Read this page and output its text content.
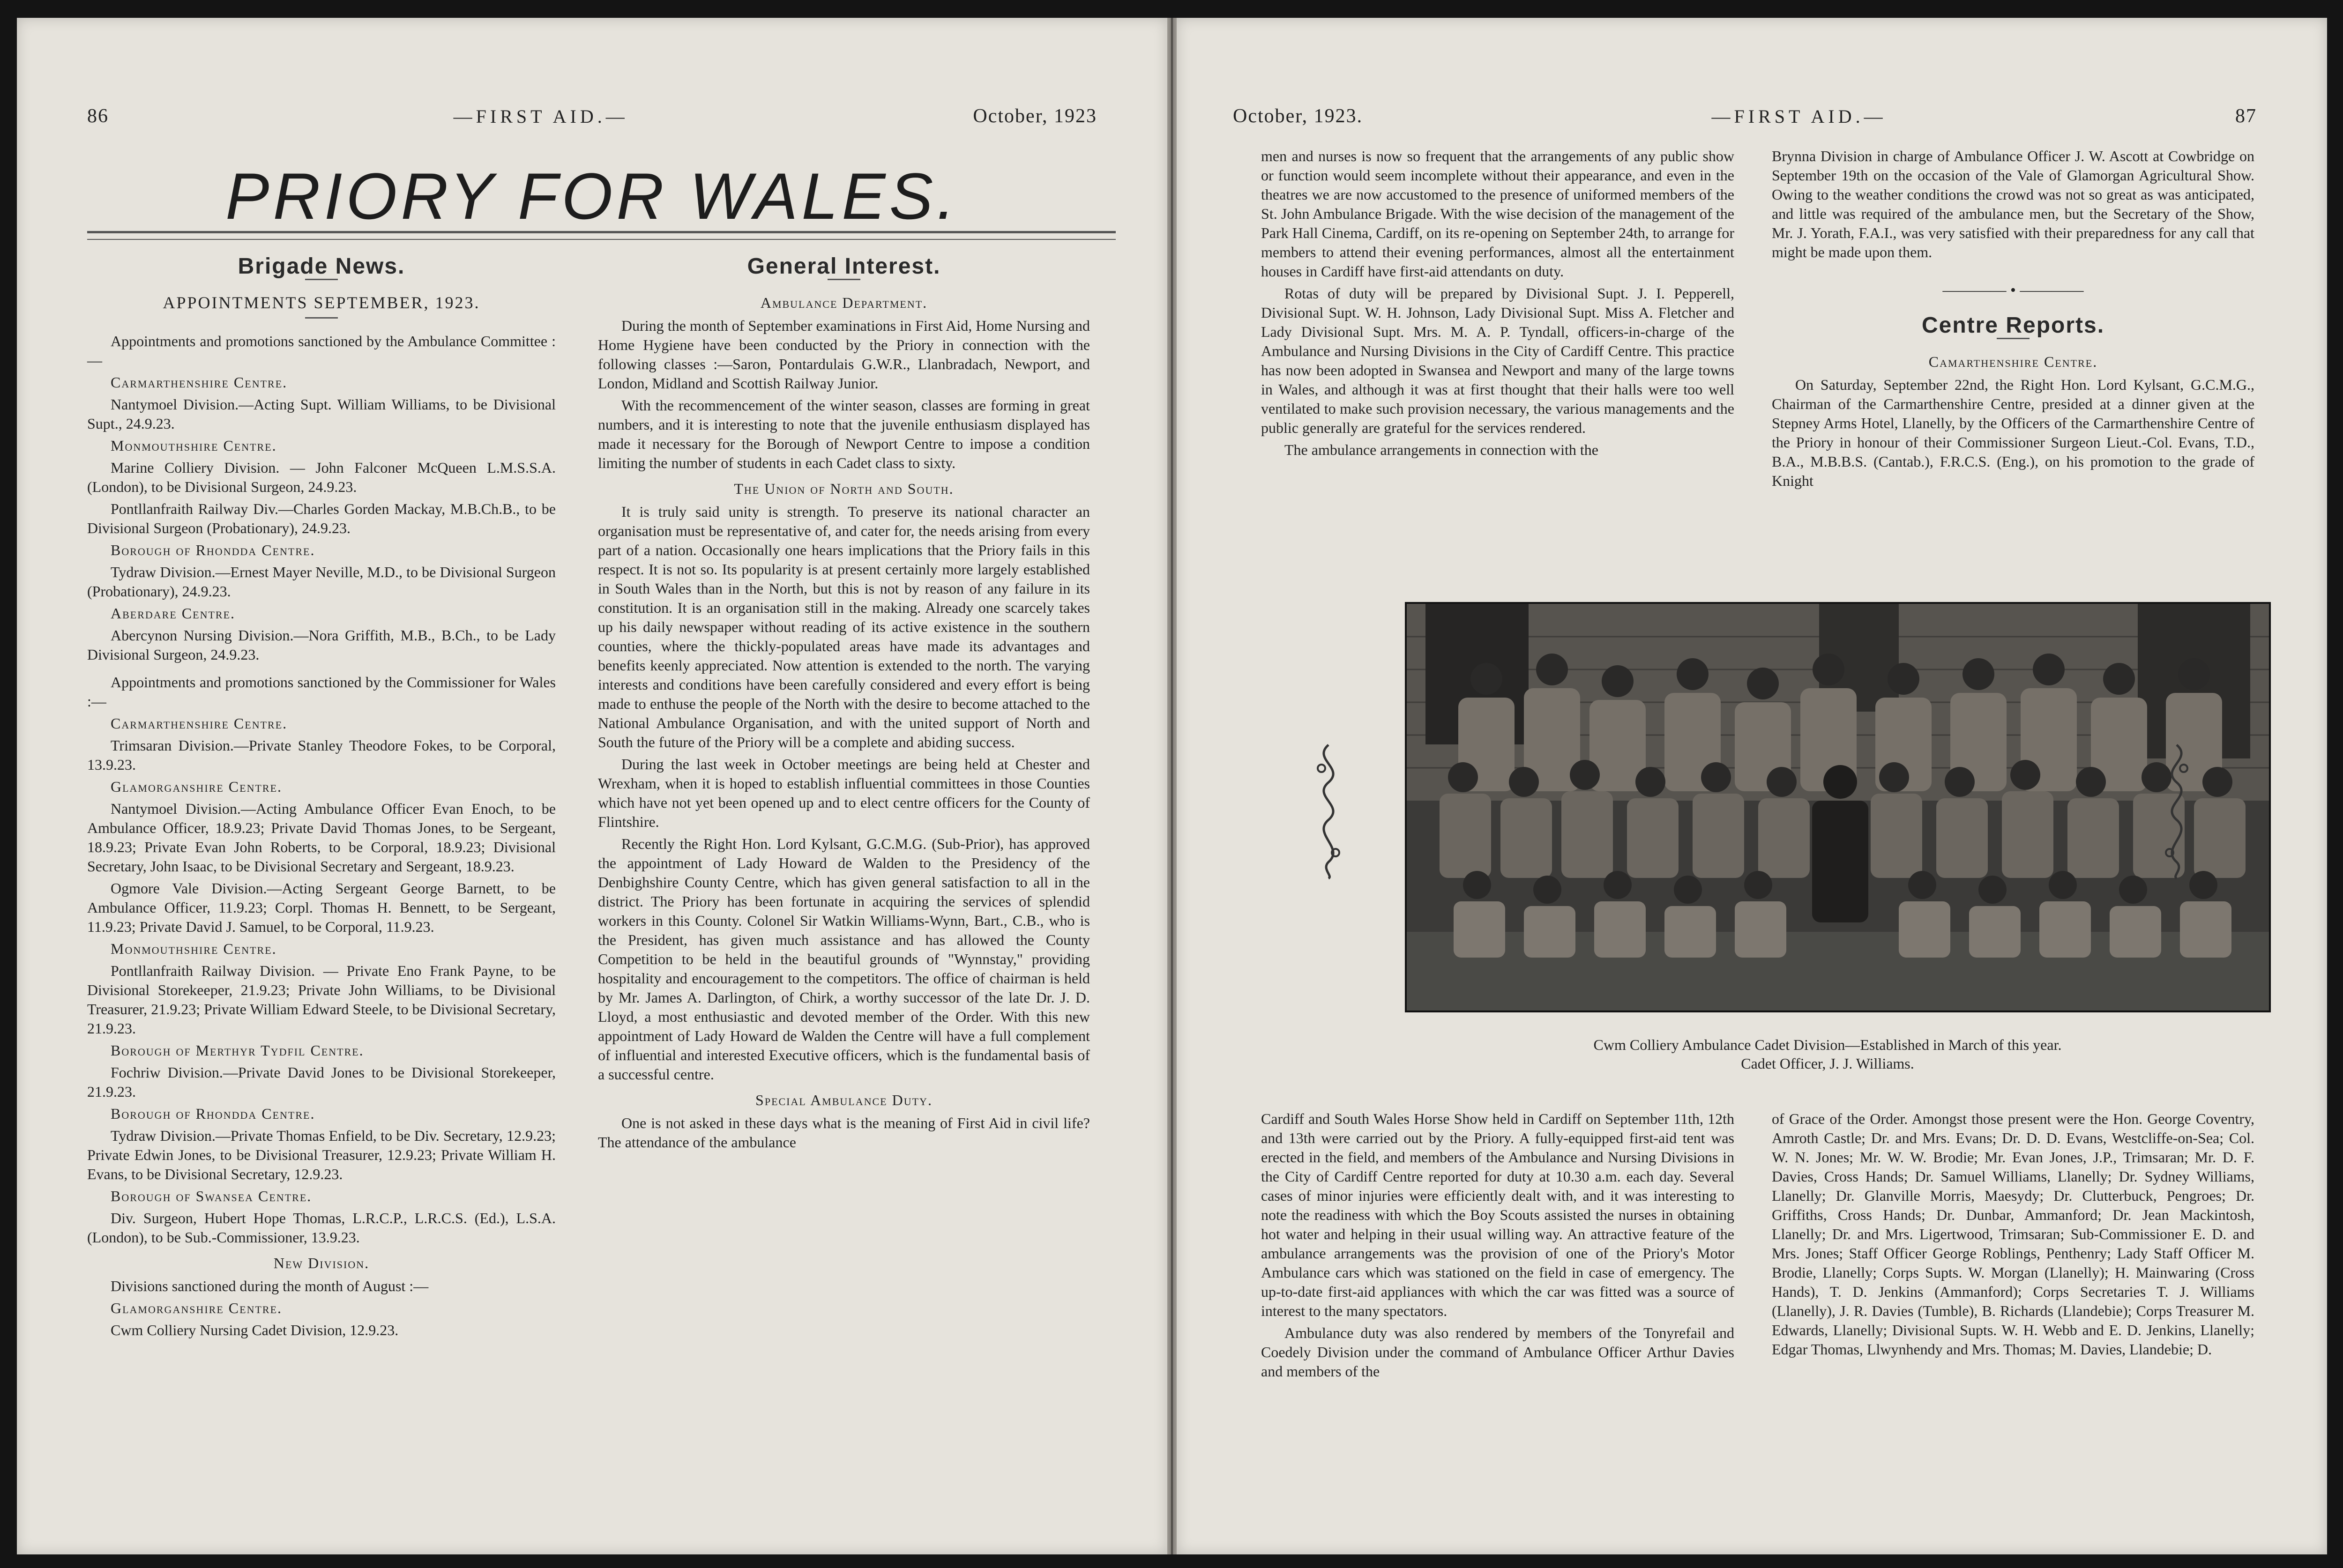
86	—FIRST AID.—	October, 1923
PRIORY FOR WALES.
Brigade News.
APPOINTMENTS SEPTEMBER, 1923.

Appointments and promotions sanctioned by the Ambulance Committee :—

Carmarthenshire Centre.

Nantymoel Division.—Acting Supt. William Williams, to be Divisional Supt., 24.9.23.

Monmouthshire Centre.

Marine Colliery Division. — John Falconer McQueen L.M.S.S.A. (London), to be Divisional Surgeon, 24.9.23.

Pontllanfraith Railway Div.—Charles Gorden Mackay, M.B.Ch.B., to be Divisional Surgeon (Probationary), 24.9.23.

Borough of Rhondda Centre.

Tydraw Division.—Ernest Mayer Neville, M.D., to be Divisional Surgeon (Probationary), 24.9.23.

Aberdare Centre.

Abercynon Nursing Division.—Nora Griffith, M.B., B.Ch., to be Lady Divisional Surgeon, 24.9.23.

Appointments and promotions sanctioned by the Commissioner for Wales :—

Carmarthenshire Centre.

Trimsaran Division.—Private Stanley Theodore Fokes, to be Corporal, 13.9.23.

Glamorganshire Centre.

Nantymoel Division.—Acting Ambulance Officer Evan Enoch, to be Ambulance Officer, 18.9.23; Private David Thomas Jones, to be Sergeant, 18.9.23; Private Evan John Roberts, to be Corporal, 18.9.23; Divisional Secretary, John Isaac, to be Divisional Secretary and Sergeant, 18.9.23.

Ogmore Vale Division.—Acting Sergeant George Barnett, to be Ambulance Officer, 11.9.23; Corpl. Thomas H. Bennett, to be Sergeant, 11.9.23; Private David J. Samuel, to be Corporal, 11.9.23.

Monmouthshire Centre.

Pontllanfraith Railway Division. — Private Eno Frank Payne, to be Divisional Storekeeper, 21.9.23; Private John Williams, to be Divisional Treasurer, 21.9.23; Private William Edward Steele, to be Divisional Secretary, 21.9.23.

Borough of Merthyr Tydfil Centre.

Fochriw Division.—Private David Jones to be Divisional Storekeeper, 21.9.23.

Borough of Rhondda Centre.

Tydraw Division.—Private Thomas Enfield, to be Div. Secretary, 12.9.23; Private Edwin Jones, to be Divisional Treasurer, 12.9.23; Private William H. Evans, to be Divisional Secretary, 12.9.23.

Borough of Swansea Centre.

Div. Surgeon, Hubert Hope Thomas, L.R.C.P., L.R.C.S. (Ed.), L.S.A. (London), to be Sub.-Commissioner, 13.9.23.

New Division.

Divisions sanctioned during the month of August :—

Glamorganshire Centre.

Cwm Colliery Nursing Cadet Division, 12.9.23.

General Interest.
Ambulance Department.

During the month of September examinations in First Aid, Home Nursing and Home Hygiene have been conducted by the Priory in connection with the following classes :—Saron, Pontardulais G.W.R., Llanbradach, Newport, and London, Midland and Scottish Railway Junior.

With the recommencement of the winter season, classes are forming in great numbers, and it is interesting to note that the juvenile enthusiasm displayed has made it necessary for the Borough of Newport Centre to impose a condition limiting the number of students in each Cadet class to sixty.

The Union of North and South.

It is truly said unity is strength. To preserve its national character an organisation must be representative of, and cater for, the needs arising from every part of a nation. Occasionally one hears implications that the Priory fails in this respect. It is not so. Its popularity is at present certainly more largely established in South Wales than in the North, but this is not by reason of any failure in its constitution. It is an organisation still in the making. Already one scarcely takes up his daily newspaper without reading of its active existence in the southern counties, where the thickly-populated areas have made its advantages and benefits keenly appreciated. Now attention is extended to the north. The varying interests and conditions have been carefully considered and every effort is being made to enthuse the people of the North with the desire to become attached to the National Ambulance Organisation, and with the united support of North and South the future of the Priory will be a complete and abiding success.

During the last week in October meetings are being held at Chester and Wrexham, when it is hoped to establish influential committees in those Counties which have not yet been opened up and to elect centre officers for the County of Flintshire.

Recently the Right Hon. Lord Kylsant, G.C.M.G. (Sub-Prior), has approved the appointment of Lady Howard de Walden to the Presidency of the Denbighshire County Centre, which has given general satisfaction to all in the district. The Priory has been fortunate in acquiring the services of splendid workers in this County. Colonel Sir Watkin Williams-Wynn, Bart., C.B., who is the President, has given much assistance and has allowed the County Competition to be held in the beautiful grounds of "Wynnstay," providing hospitality and encouragement to the competitors. The office of chairman is held by Mr. James A. Darlington, of Chirk, a worthy successor of the late Dr. J. D. Lloyd, a most enthusiastic and devoted member of the Order. With this new appointment of Lady Howard de Walden the Centre will have a full complement of influential and interested Executive officers, which is the fundamental basis of a successful centre.

Special Ambulance Duty.

One is not asked in these days what is the meaning of First Aid in civil life? The attendance of the ambulance

October, 1923.	—FIRST AID.—	87

men and nurses is now so frequent that the arrangements of any public show or function would seem incomplete without their appearance, and even in the theatres we are now accustomed to the presence of uniformed members of the St. John Ambulance Brigade. With the wise decision of the management of the Park Hall Cinema, Cardiff, on its re-opening on September 24th, to arrange for members to attend their evening performances, almost all the entertainment houses in Cardiff have first-aid attendants on duty.

Rotas of duty will be prepared by Divisional Supt. J. I. Pepperell, Divisional Supt. W. H. Johnson, Lady Divisional Supt. Miss A. Fletcher and Lady Divisional Supt. Mrs. M. A. P. Tyndall, officers-in-charge of the Ambulance and Nursing Divisions in the City of Cardiff Centre. This practice has now been adopted in Swansea and Newport and many of the large towns in Wales, and although it was at first thought that their halls were too well ventilated to make such provision necessary, the various managements and the public generally are grateful for the services rendered.

The ambulance arrangements in connection with the

Brynna Division in charge of Ambulance Officer J. W. Ascott at Cowbridge on September 19th on the occasion of the Vale of Glamorgan Agricultural Show. Owing to the weather conditions the crowd was not so great as was anticipated, and little was required of the ambulance men, but the Secretary of the Show, Mr. J. Yorath, F.A.I., was very satisfied with their preparedness for any call that might be made upon them.

———— • ————
Centre Reports.
Camarthenshire Centre.

On Saturday, September 22nd, the Right Hon. Lord Kylsant, G.C.M.G., Chairman of the Carmarthenshire Centre, presided at a dinner given at the Stepney Arms Hotel, Llanelly, by the Officers of the Carmarthenshire Centre of the Priory in honour of their Commissioner Surgeon Lieut.-Col. Evans, T.D., B.A., M.B.B.S. (Cantab.), F.R.C.S. (Eng.), on his promotion to the grade of Knight

Cardiff and South Wales Horse Show held in Cardiff on September 11th, 12th and 13th were carried out by the Priory. A fully-equipped first-aid tent was erected in the field, and members of the Ambulance and Nursing Divisions in the City of Cardiff Centre reported for duty at 10.30 a.m. each day. Several cases of minor injuries were efficiently dealt with, and it was interesting to note the readiness with which the Boy Scouts assisted the nurses in obtaining hot water and helping in their usual willing way. An attractive feature of the ambulance arrangements was the provision of one of the Priory's Motor Ambulance cars which was stationed on the field in case of emergency. The up-to-date first-aid appliances with which the car was fitted was a source of interest to the many spectators.

Ambulance duty was also rendered by members of the Tonyrefail and Coedely Division under the command of Ambulance Officer Arthur Davies and members of the

of Grace of the Order. Amongst those present were the Hon. George Coventry, Amroth Castle; Dr. and Mrs. Evans; Dr. D. D. Evans, Westcliffe-on-Sea; Col. W. N. Jones; Mr. W. W. Brodie; Mr. Evan Jones, J.P., Trimsaran; Mr. D. F. Davies, Cross Hands; Dr. Samuel Williams, Llanelly; Dr. Sydney Williams, Llanelly; Dr. Glanville Morris, Maesydy; Dr. Clutterbuck, Pengroes; Dr. Griffiths, Cross Hands; Dr. Dunbar, Ammanford; Dr. Jean Mackintosh, Llanelly; Dr. and Mrs. Ligertwood, Trimsaran; Sub-Commissioner E. D. and Mrs. Jones; Staff Officer George Roblings, Penthenry; Lady Staff Officer M. Brodie, Llanelly; Corps Supts. W. Morgan (Llanelly); H. Mainwaring (Cross Hands), T. D. Jenkins (Ammanford); Corps Secretaries T. J. Williams (Llanelly), J. R. Davies (Tumble), B. Richards (Llandebie); Corps Treasurer M. Edwards, Llanelly; Divisional Supts. W. H. Webb and E. D. Jenkins, Llanelly; Edgar Thomas, Llwynhendy and Mrs. Thomas; M. Davies, Llandebie; D.

Cwm Colliery Ambulance Cadet Division—Established in March of this year.
Cadet Officer, J. J. Williams.
